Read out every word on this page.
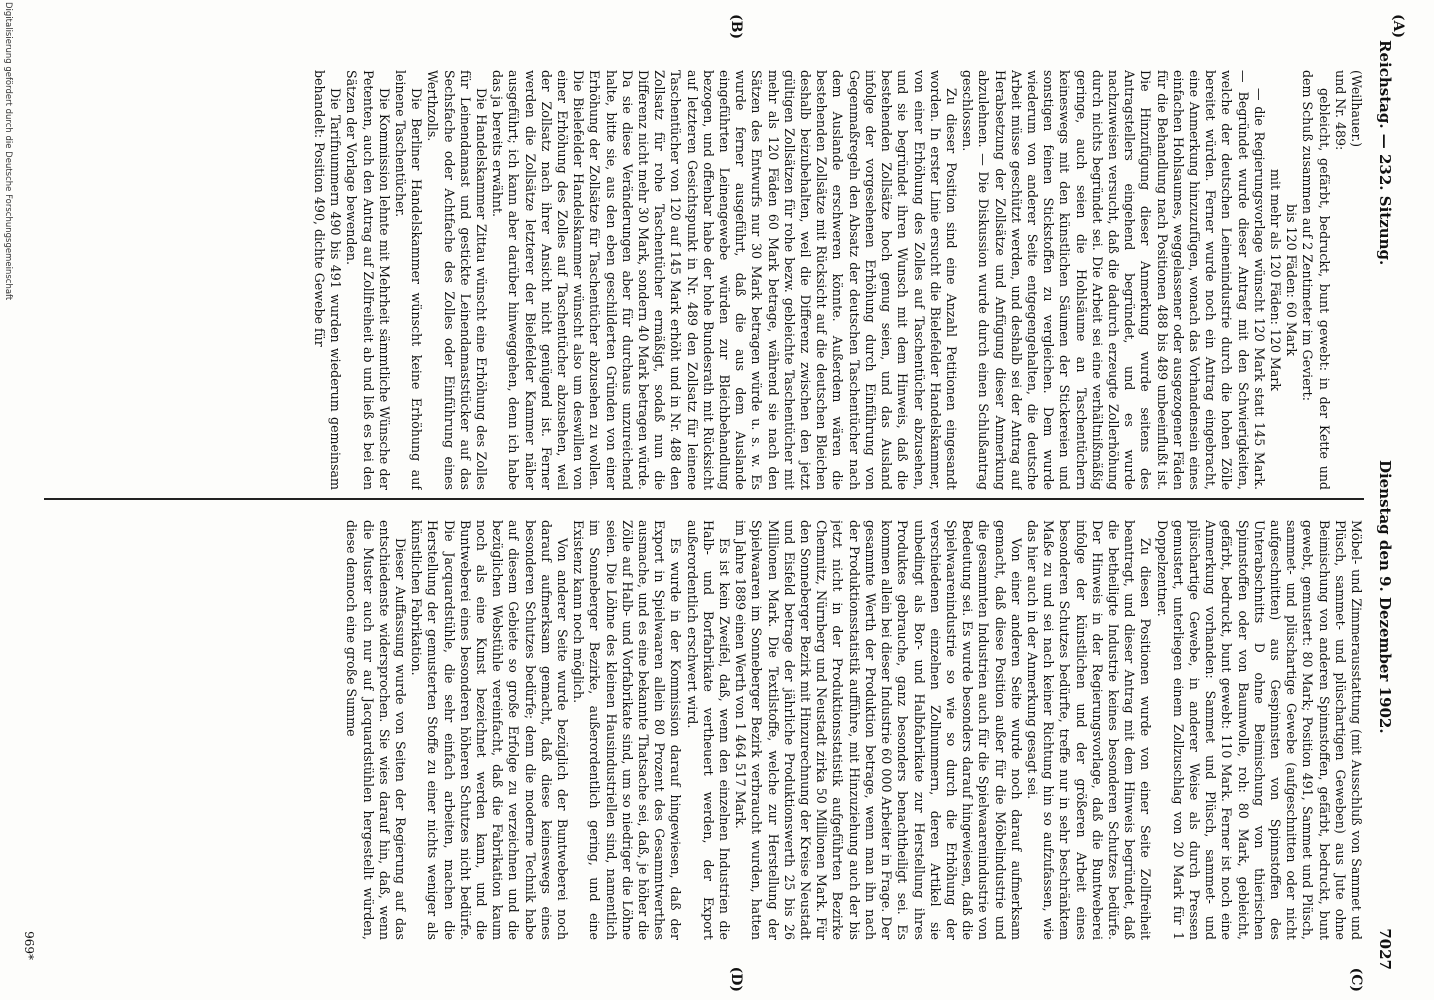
Reichstag. — 232. Sitzung.
Dienstag den 9. Dezember 1902.
7027
(A)
(B)
(C)
(D)

(Weilhauer.)

und Nr. 489:

gebleicht, gefärbt, bedruckt, bunt gewebt: in der Kette und dem Schuß zusammen auf 2 Zentimeter im Geviert:

bis 120 Fäden: 60 Mark

mit mehr als 120 Fäden: 120 Mark

— die Regierungsvorlage wünscht 120 Mark statt 145 Mark. — Begründet wurde dieser Antrag mit den Schwierigkeiten, welche der deutschen Leinenindustrie durch die hohen Zölle bereitet würden. Ferner wurde noch ein Antrag eingebracht, eine Anmerkung hinzuzufügen, wonach das Vorhandensein eines einfachen Hohlsaumes, weggelassener oder ausgezogener Fäden für die Behandlung nach Positionen 488 bis 489 unbeeinflußt ist. Die Hinzufügung dieser Anmerkung wurde seitens des Antragstellers eingehend begründet, und es wurde nachzuweisen versucht, daß die dadurch erzeugte Zollerhöhung durch nichts begründet sei. Die Arbeit sei eine verhältnißmäßig geringe, auch seien die Hohlsäume an Taschentüchern keineswegs mit den künstlichen Säumen der Stickereien und sonstigen feinen Stickstoffen zu vergleichen. Dem wurde wiederum von anderer Seite entgegengehalten, die deutsche Arbeit müsse geschützt werden, und deshalb sei der Antrag auf Herabsetzung der Zollsätze und Anfügung dieser Anmerkung abzulehnen. — Die Diskussion wurde durch einen Schlußantrag geschlossen.

Zu dieser Position sind eine Anzahl Petitionen eingesandt worden. In erster Linie ersucht die Bielefelder Handelskammer, von einer Erhöhung des Zolles auf Taschentücher abzusehen, und sie begründet ihren Wunsch mit dem Hinweis, daß die bestehenden Zollsätze hoch genug seien, und das Ausland infolge der vorgesehenen Erhöhung durch Einführung von Gegenmaßregeln den Absatz der deutschen Taschentücher nach dem Auslande erschweren könnte. Außerdem wären die bestehenden Zollsätze mit Rücksicht auf die deutschen Bleichen deshalb beizubehalten, weil die Differenz zwischen den jetzt gültigen Zollsätzen für rohe bezw. gebleichte Taschentücher mit mehr als 120 Fäden 60 Mark betrage, während sie nach den Sätzen des Entwurfs nur 30 Mark betragen würde u. s. w. Es wurde ferner ausgeführt, daß die aus dem Auslande eingeführten Leinengewebe würden zur Bleichbehandlung bezogen, und offenbar habe der hohe Bundesrath mit Rücksicht auf letzteren Gesichtspunkt in Nr. 489 den Zollsatz für leinene Taschentücher von 120 auf 145 Mark erhöht und in Nr. 488 den Zollsatz für rohe Taschentücher ermäßigt, sodaß nun die Differenz nicht mehr 30 Mark, sondern 40 Mark betragen würde. Da sie diese Veränderungen aber für durchaus unzureichend halte, bitte sie, aus den eben geschilderten Gründen von einer Erhöhung der Zollsätze für Taschentücher abzusehen zu wollen. Die Bielefelder Handelskammer wünscht also um deswillen von einer Erhöhung des Zolles auf Taschentücher abzusehen, weil der Zollsatz nach ihrer Ansicht nicht genügend ist. Ferner werden die Zollsätze letzterer der Bielefelder Kammer näher ausgeführt; ich kann aber darüber hinweggehen, denn ich habe das ja bereits erwähnt.

Die Handelskammer Zittau wünscht eine Erhöhung des Zolles für Leinendamast und gestickte Leinendamaststücker auf das Sechsfache oder Achtfache des Zolles oder Einführung eines Werthzolls.

Die Berliner Handelskammer wünscht keine Erhöhung auf leinene Taschentücher.

Die Kommission lehnte mit Mehrheit sämmtliche Wünsche der Petenten, auch den Antrag auf Zollfreiheit ab und ließ es bei den Sätzen der Vorlage bewenden.

Die Tarifnummern 490 bis 491 wurden wiederum gemeinsam behandelt: Position 490, dichte Gewebe für

Möbel- und Zimmerausstattung (mit Ausschluß von Sammet und Plüsch, sammet- und plüschartigen Geweben) aus Jute ohne Beimischung von anderen Spinnstoffen, gefärbt, bedruckt, bunt gewebt, gemustert: 80 Mark; Position 491, Sammet und Plüsch, sammet- und plüschartige Gewebe (aufgeschnitten oder nicht aufgeschnitten) aus Gespinnsten von Spinnstoffen des Unterabschnitts D ohne Beimischung von thierischen Spinnstoffen oder von Baumwolle, roh: 80 Mark, gebleicht, gefärbt, bedruckt, bunt gewebt: 110 Mark. Ferner ist noch eine Anmerkung vorhanden: Sammet und Plüsch, sammet- und plüschartige Gewebe, in anderer Weise als durch Pressen gemustert, unterliegen einem Zollzuschlag von 20 Mark für 1 Doppelzentner.

Zu diesen Positionen wurde von einer Seite Zollfreiheit beantragt, und dieser Antrag mit dem Hinweis begründet, daß die betheiligte Industrie keines besonderen Schutzes bedürfe. Der Hinweis in der Regierungsvorlage, daß die Buntweberei infolge der künstlichen und der größeren Arbeit eines besonderen Schutzes bedürfte, treffe nur in sehr beschränktem Maße zu und sei nach keiner Richtung hin so aufzufassen, wie das hier auch in der Anmerkung gesagt sei.

Von einer anderen Seite wurde noch darauf aufmerksam gemacht, daß diese Position außer für die Möbelindustrie und die gesammten Industrien auch für die Spielwaarenindustrie von Bedeutung sei. Es wurde besonders darauf hingewiesen, daß die Spielwaarenindustrie so wie so durch die Erhöhung der verschiedenen einzelnen Zollnummern, deren Artikel sie unbedingt als Bor- und Halbfabrikate zur Herstellung ihres Produktes gebrauche, ganz besonders benachtheiligt sei. Es kommen allein bei dieser Industrie 60 000 Arbeiter in Frage. Der gesammte Werth der Produktion betrage, wenn man ihn nach der Produktionsstatistik aufführe, mit Hinzuziehung auch der bis jetzt nicht in der Produktionsstatistik aufgeführten Bezirke Chemnitz, Nürnberg und Neustadt zirka 50 Millionen Mark. Für den Sonneberger Bezirk mit Hinzurechnung der Kreise Neustadt und Eisfeld betrage der jährliche Produktionswerth 25 bis 26 Millionen Mark. Die Textilstoffe, welche zur Herstellung der Spielwaaren im Sonneberger Bezirk verbraucht wurden, hatten im Jahre 1889 einen Werth von 1 464 517 Mark.

Es ist kein Zweifel, daß, wenn den einzelnen Industrien die Halb- und Borfabrikate vertheuert werden, der Export außerordentlich erschwert wird.

Es wurde in der Kommission darauf hingewiesen, daß der Export in Spielwaaren allein 80 Prozent des Gesammtwerthes ausmache, und es eine bekannte Thatsache sei, daß, je höher die Zölle auf Halb- und Vorfabrikate sind, um so niedriger die Löhne seien. Die Löhne des kleinen Hausindustriellen sind, namentlich im Sonneberger Bezirke, außerordentlich gering, und eine Existenz kann noch möglich.

Von anderer Seite wurde bezüglich der Buntweberei noch darauf aufmerksam gemacht, daß diese keineswegs eines besonderen Schutzes bedürfe; denn die moderne Technik habe auf diesem Gebiete so große Erfolge zu verzeichnen und die bezüglichen Webstühle vereinfacht, daß die Fabrikation kaum noch als eine Kunst bezeichnet werden kann, und die Buntweberei eines besonderen höheren Schutzes nicht bedürfe. Die Jacquardstühle, die sehr einfach arbeiten, machen die Herstellung der gemusterten Stoffe zu einer nichts weniger als künstlichen Fabrikation.

Dieser Auffassung wurde von Seiten der Regierung auf das entschiedenste widersprochen. Sie wies darauf hin, daß, wenn die Muster auch nur auf Jacquardstühlen hergestellt würden, diese dennoch eine große Summe

969*
Digitalisierung gefördert durch die Deutsche Forschungsgemeinschaft
